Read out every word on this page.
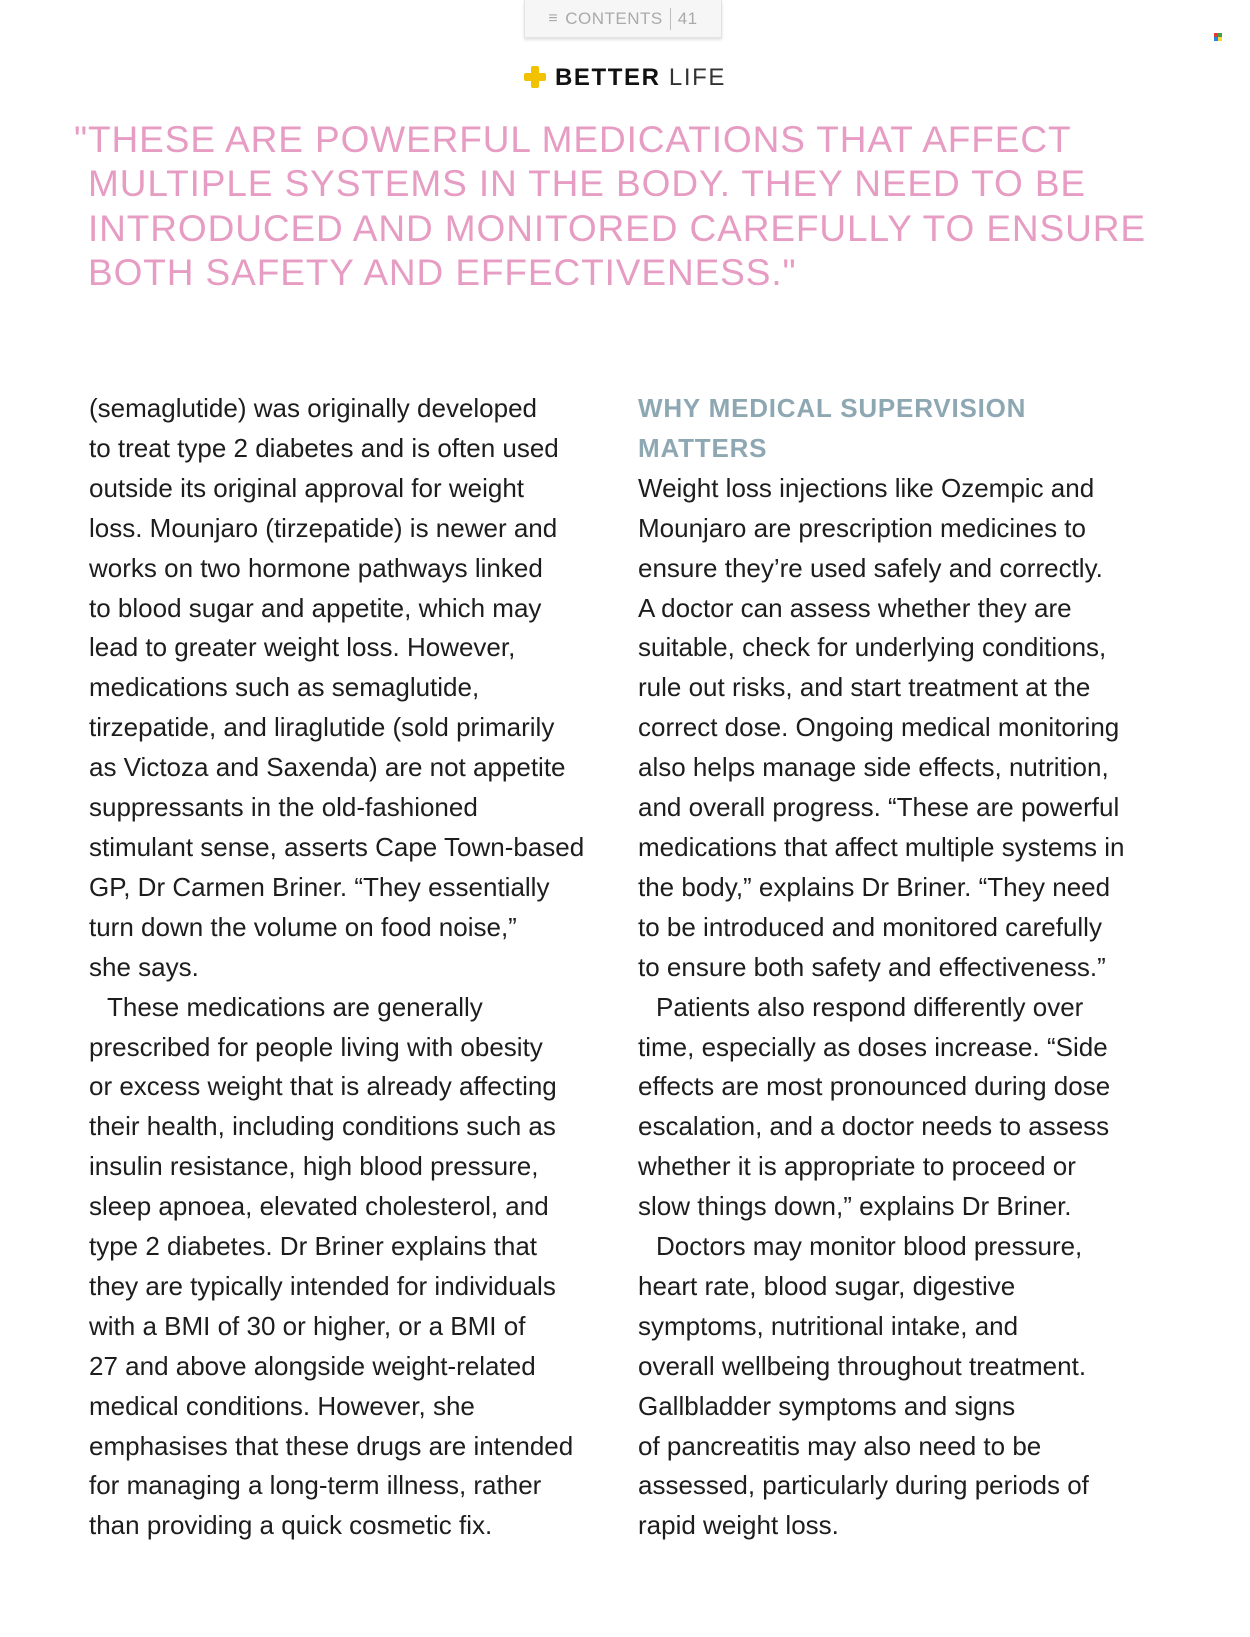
≡ CONTENTS 41
BETTER LIFE
"THESE ARE POWERFUL MEDICATIONS THAT AFFECT
MULTIPLE SYSTEMS IN THE BODY. THEY NEED TO BE
INTRODUCED AND MONITORED CAREFULLY TO ENSURE
BOTH SAFETY AND EFFECTIVENESS."
(semaglutide) was originally developed
to treat type 2 diabetes and is often used
outside its original approval for weight
loss. Mounjaro (tirzepatide) is newer and
works on two hormone pathways linked
to blood sugar and appetite, which may
lead to greater weight loss. However,
medications such as semaglutide,
tirzepatide, and liraglutide (sold primarily
as Victoza and Saxenda) are not appetite
suppressants in the old-fashioned
stimulant sense, asserts Cape Town-based
GP, Dr Carmen Briner. “They essentially
turn down the volume on food noise,”
she says.
These medications are generally
prescribed for people living with obesity
or excess weight that is already affecting
their health, including conditions such as
insulin resistance, high blood pressure,
sleep apnoea, elevated cholesterol, and
type 2 diabetes. Dr Briner explains that
they are typically intended for individuals
with a BMI of 30 or higher, or a BMI of
27 and above alongside weight-related
medical conditions. However, she
emphasises that these drugs are intended
for managing a long-term illness, rather
than providing a quick cosmetic fix.
WHY MEDICAL SUPERVISION
MATTERS
Weight loss injections like Ozempic and
Mounjaro are prescription medicines to
ensure they’re used safely and correctly.
A doctor can assess whether they are
suitable, check for underlying conditions,
rule out risks, and start treatment at the
correct dose. Ongoing medical monitoring
also helps manage side effects, nutrition,
and overall progress. “These are powerful
medications that affect multiple systems in
the body,” explains Dr Briner. “They need
to be introduced and monitored carefully
to ensure both safety and effectiveness.”
Patients also respond differently over
time, especially as doses increase. “Side
effects are most pronounced during dose
escalation, and a doctor needs to assess
whether it is appropriate to proceed or
slow things down,” explains Dr Briner.
Doctors may monitor blood pressure,
heart rate, blood sugar, digestive
symptoms, nutritional intake, and
overall wellbeing throughout treatment.
Gallbladder symptoms and signs
of pancreatitis may also need to be
assessed, particularly during periods of
rapid weight loss.
